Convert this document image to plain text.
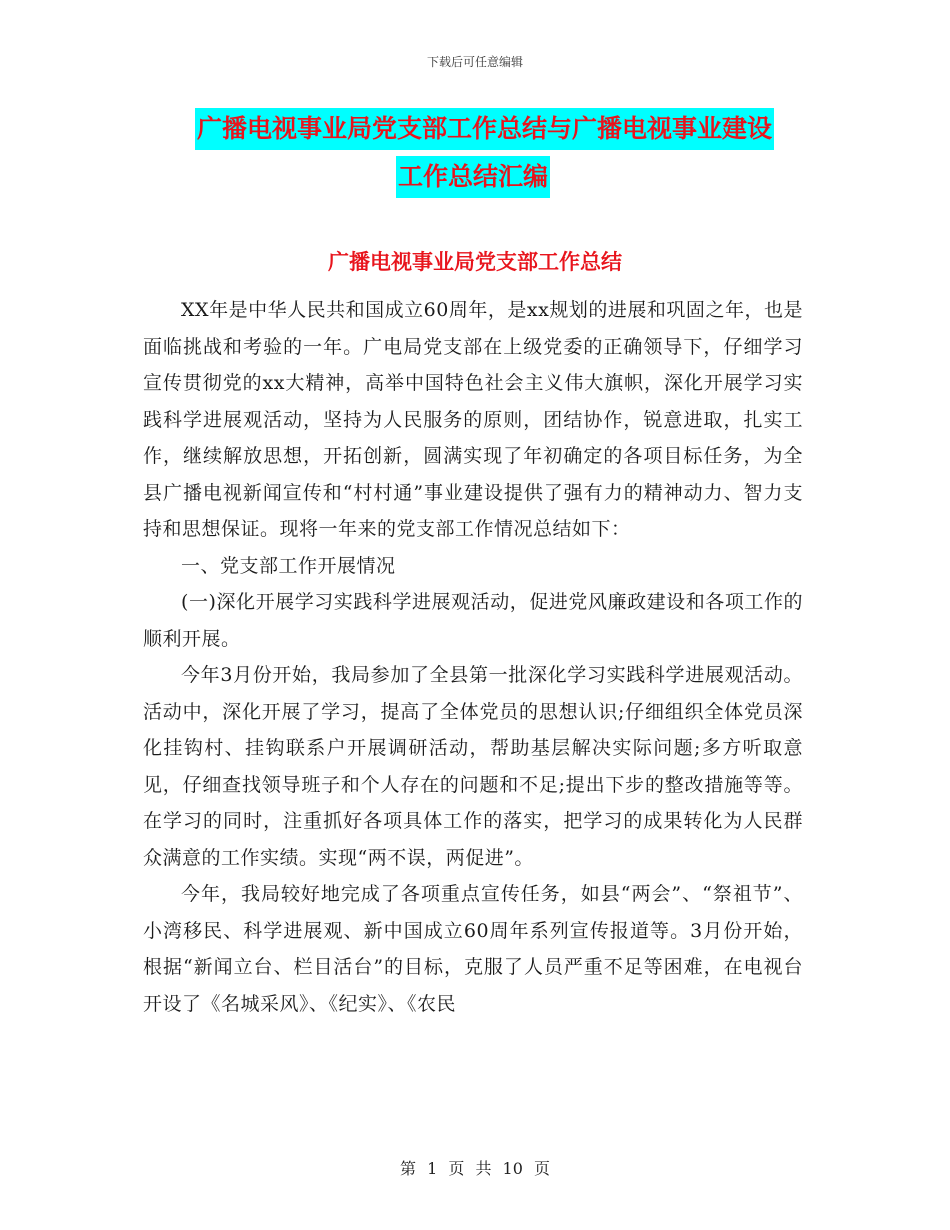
下载后可任意编辑
广播电视事业局党支部工作总结与广播电视事业建设
工作总结汇编
广播电视事业局党支部工作总结

XX年是中华人民共和国成立60周年，是xx规划的进展和巩固之年，也是面临挑战和考验的一年。广电局党支部在上级党委的正确领导下，仔细学习宣传贯彻党的xx大精神，高举中国特色社会主义伟大旗帜，深化开展学习实践科学进展观活动，坚持为人民服务的原则，团结协作，锐意进取，扎实工作，继续解放思想，开拓创新，圆满实现了年初确定的各项目标任务，为全县广播电视新闻宣传和“村村通”事业建设提供了强有力的精神动力、智力支持和思想保证。现将一年来的党支部工作情况总结如下：

一、党支部工作开展情况

(一)深化开展学习实践科学进展观活动，促进党风廉政建设和各项工作的顺利开展。

今年3月份开始，我局参加了全县第一批深化学习实践科学进展观活动。活动中，深化开展了学习，提高了全体党员的思想认识;仔细组织全体党员深化挂钩村、挂钩联系户开展调研活动，帮助基层解决实际问题;多方听取意见，仔细查找领导班子和个人存在的问题和不足;提出下步的整改措施等等。在学习的同时，注重抓好各项具体工作的落实，把学习的成果转化为人民群众满意的工作实绩。实现“两不误，两促进”。

今年，我局较好地完成了各项重点宣传任务，如县“两会”、“祭祖节”、小湾移民、科学进展观、新中国成立60周年系列宣传报道等。3月份开始，根据“新闻立台、栏目活台”的目标，克服了人员严重不足等困难，在电视台开设了《名城采风》、《纪实》、《农民

第 1 页 共 10 页
